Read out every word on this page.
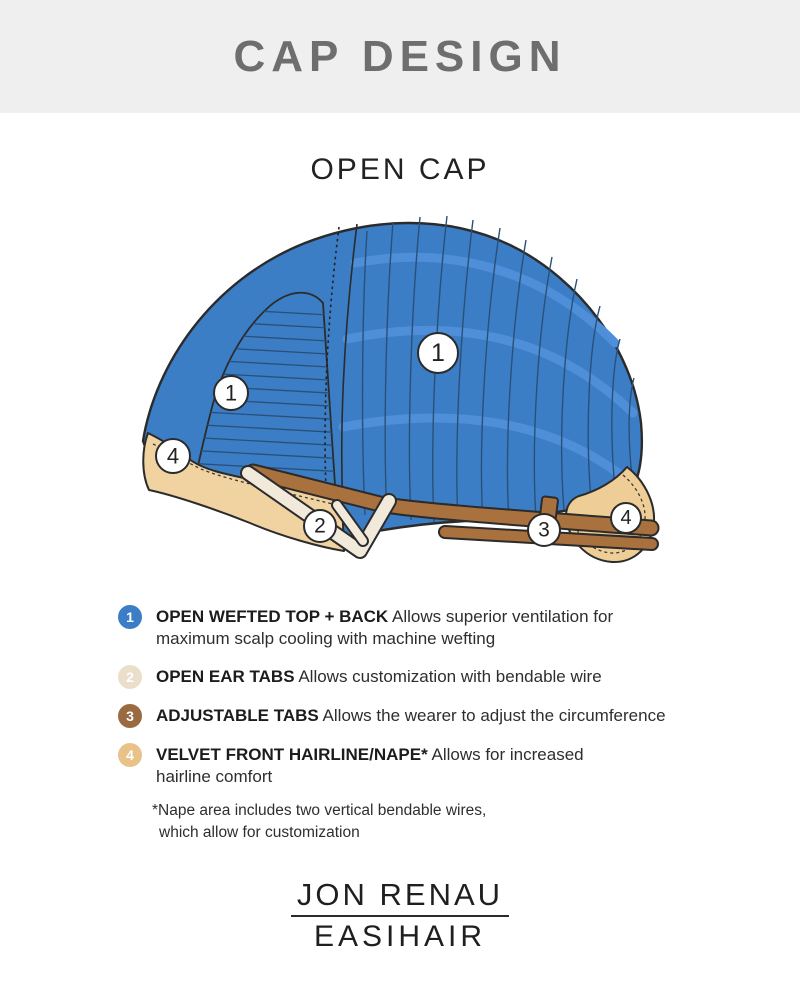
CAP DESIGN
OPEN CAP
1
1
2	3
4
4
1 OPEN WEFTED TOP + BACK Allows superior ventilation for maximum scalp cooling with machine wefting
2 OPEN EAR TABS Allows customization with bendable wire
3 ADJUSTABLE TABS Allows the wearer to adjust the circumference
4 VELVET FRONT HAIRLINE/NAPE* Allows for increased hairline comfort
*Nape area includes two vertical bendable wires,
which allow for customization
JON RENAU
EASIHAIR
